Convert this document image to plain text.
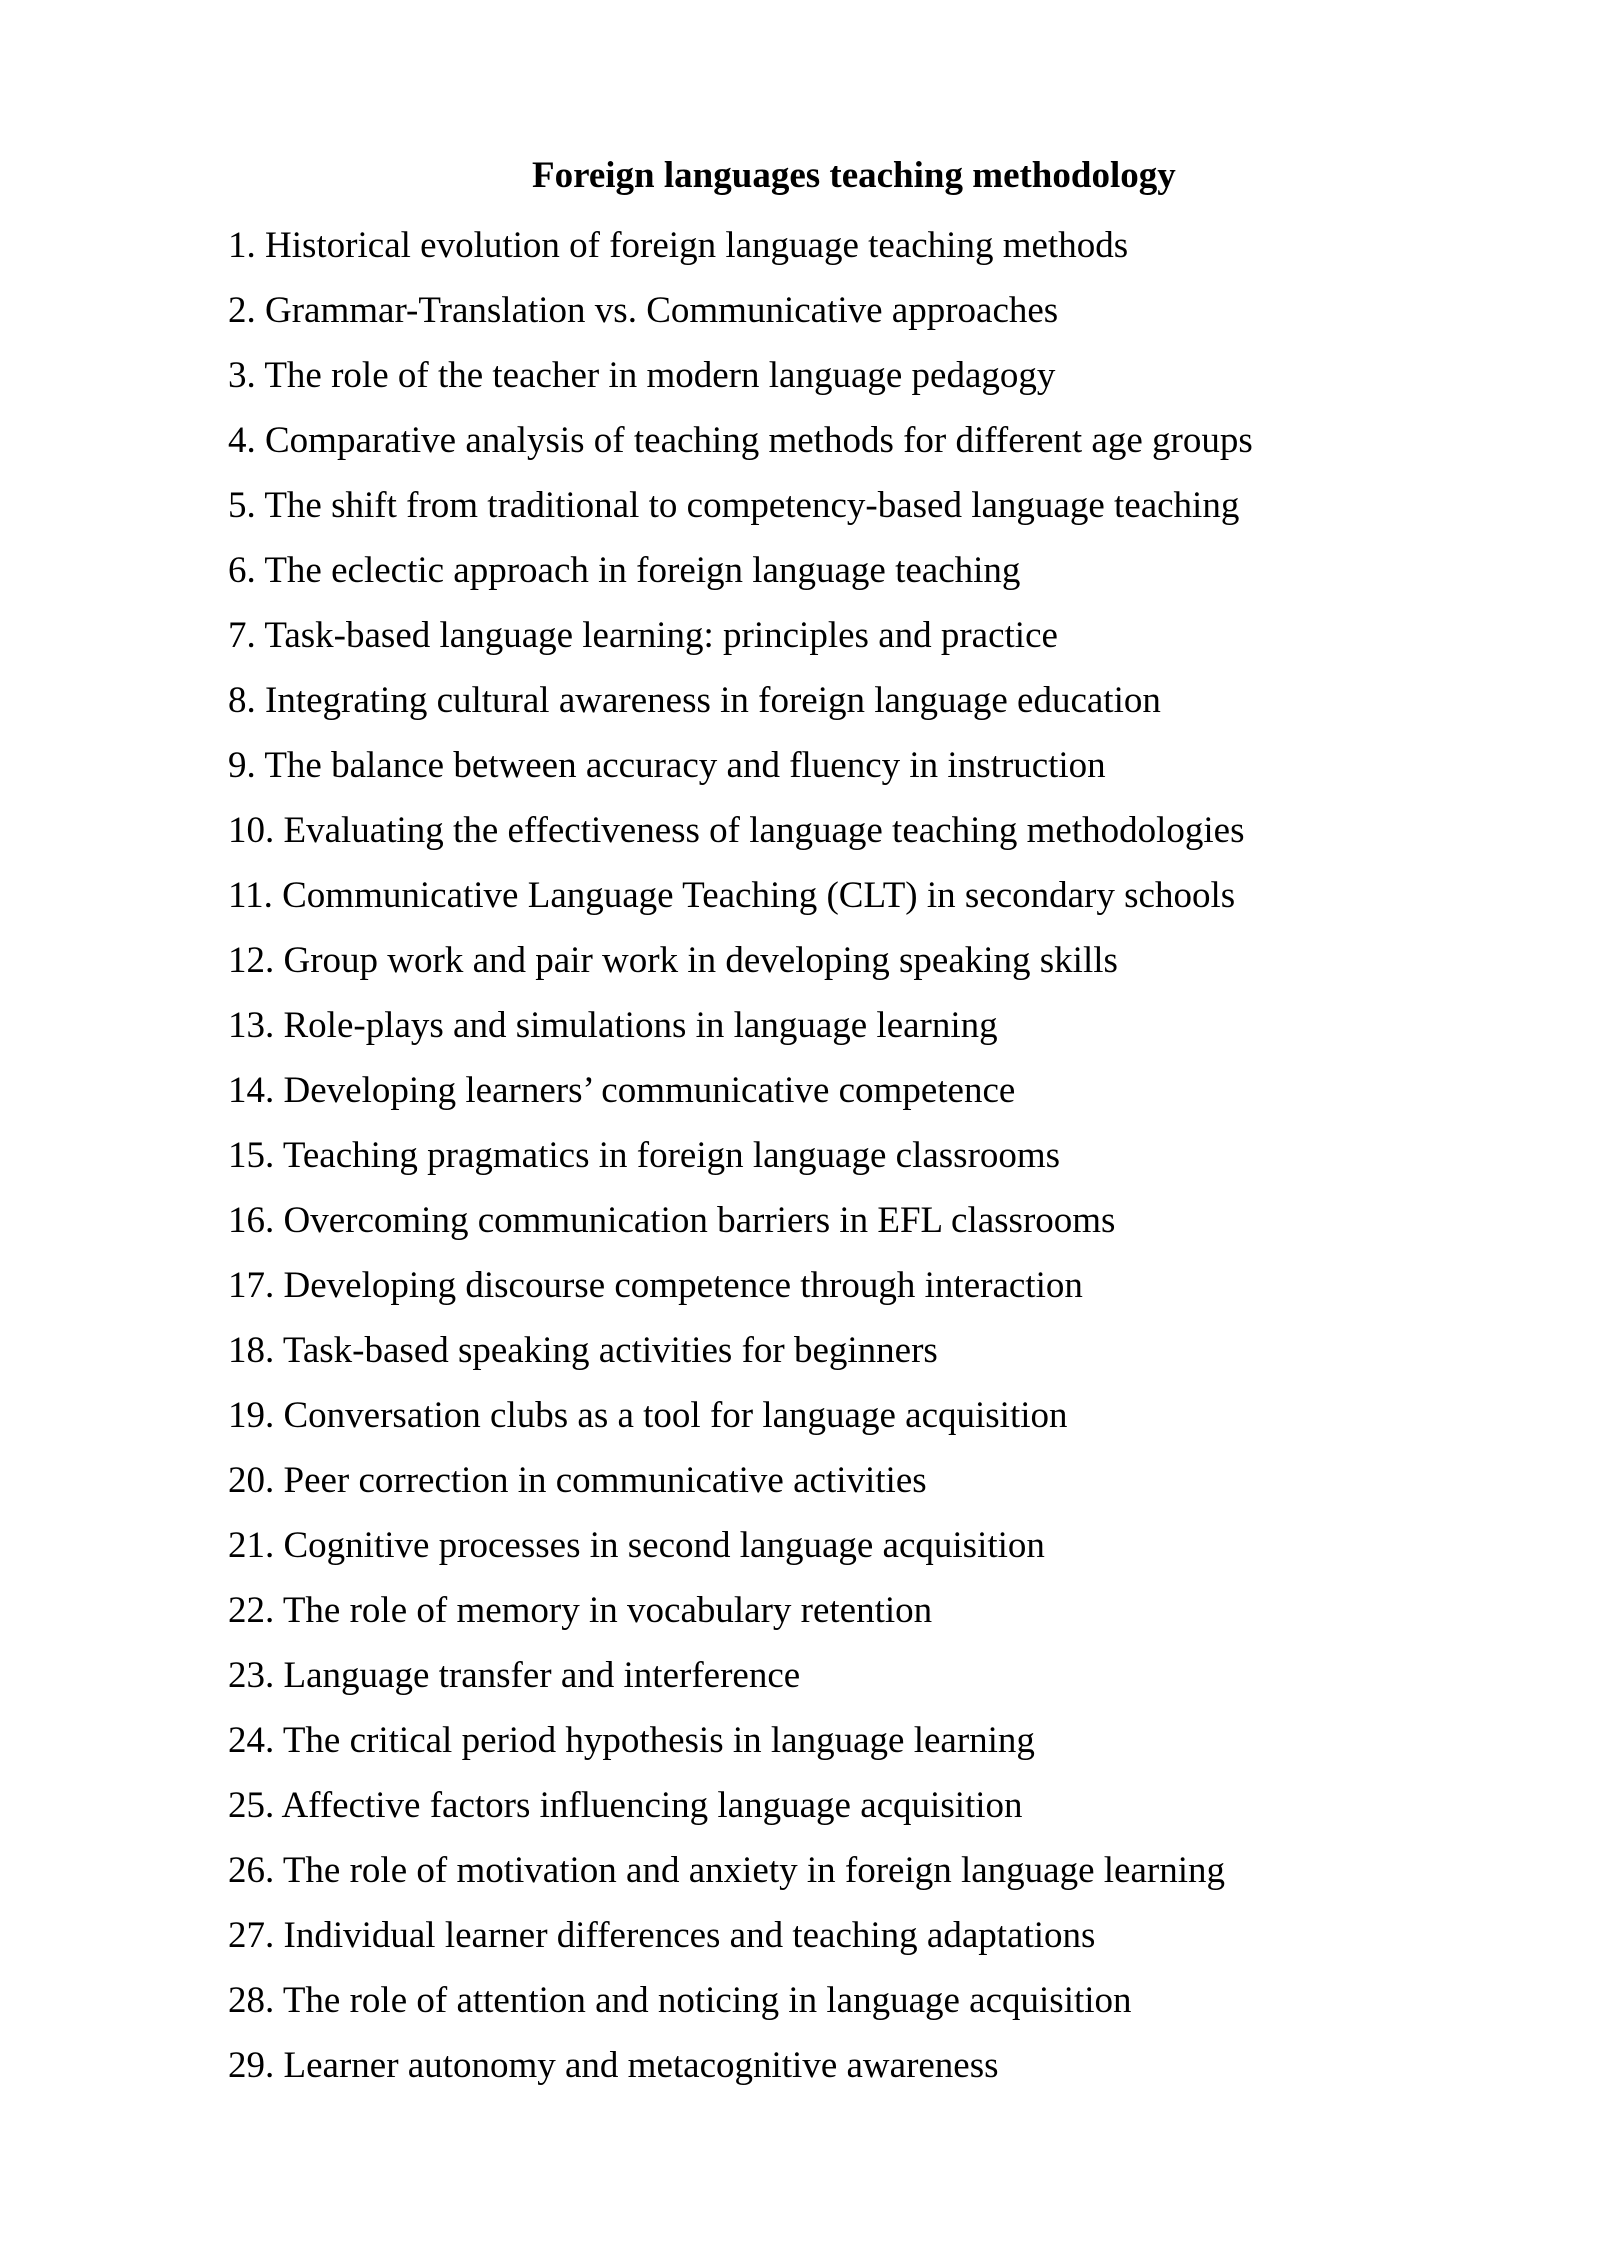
Foreign languages teaching methodology
1. Historical evolution of foreign language teaching methods
2. Grammar-Translation vs. Communicative approaches
3. The role of the teacher in modern language pedagogy
4. Comparative analysis of teaching methods for different age groups
5. The shift from traditional to competency-based language teaching
6. The eclectic approach in foreign language teaching
7. Task-based language learning: principles and practice
8. Integrating cultural awareness in foreign language education
9. The balance between accuracy and fluency in instruction
10. Evaluating the effectiveness of language teaching methodologies
11. Communicative Language Teaching (CLT) in secondary schools
12. Group work and pair work in developing speaking skills
13. Role-plays and simulations in language learning
14. Developing learners’ communicative competence
15. Teaching pragmatics in foreign language classrooms
16. Overcoming communication barriers in EFL classrooms
17. Developing discourse competence through interaction
18. Task-based speaking activities for beginners
19. Conversation clubs as a tool for language acquisition
20. Peer correction in communicative activities
21. Cognitive processes in second language acquisition
22. The role of memory in vocabulary retention
23. Language transfer and interference
24. The critical period hypothesis in language learning
25. Affective factors influencing language acquisition
26. The role of motivation and anxiety in foreign language learning
27. Individual learner differences and teaching adaptations
28. The role of attention and noticing in language acquisition
29. Learner autonomy and metacognitive awareness
